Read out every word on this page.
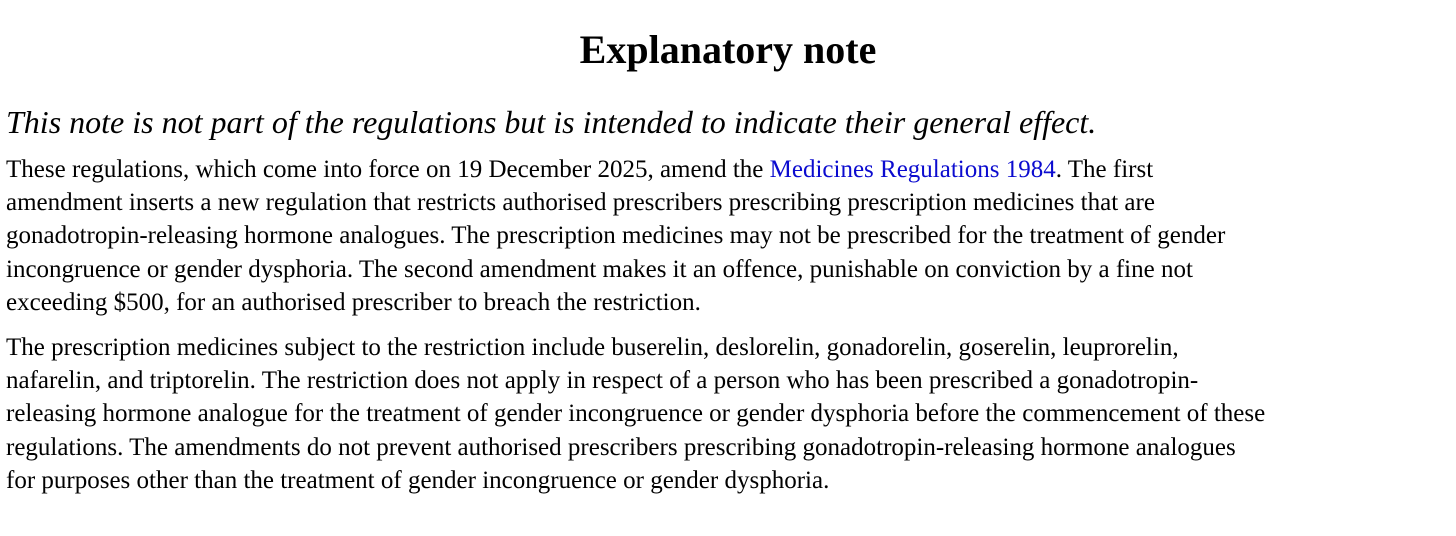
Explanatory note

This note is not part of the regulations but is intended to indicate their general effect.

These regulations, which come into force on 19 December 2025, amend the Medicines Regulations 1984. The first
amendment inserts a new regulation that restricts authorised prescribers prescribing prescription medicines that are
gonadotropin-releasing hormone analogues. The prescription medicines may not be prescribed for the treatment of gender
incongruence or gender dysphoria. The second amendment makes it an offence, punishable on conviction by a fine not
exceeding $500, for an authorised prescriber to breach the restriction.

The prescription medicines subject to the restriction include buserelin, deslorelin, gonadorelin, goserelin, leuprorelin,
nafarelin, and triptorelin. The restriction does not apply in respect of a person who has been prescribed a gonadotropin-
releasing hormone analogue for the treatment of gender incongruence or gender dysphoria before the commencement of these
regulations. The amendments do not prevent authorised prescribers prescribing gonadotropin-releasing hormone analogues
for purposes other than the treatment of gender incongruence or gender dysphoria.
